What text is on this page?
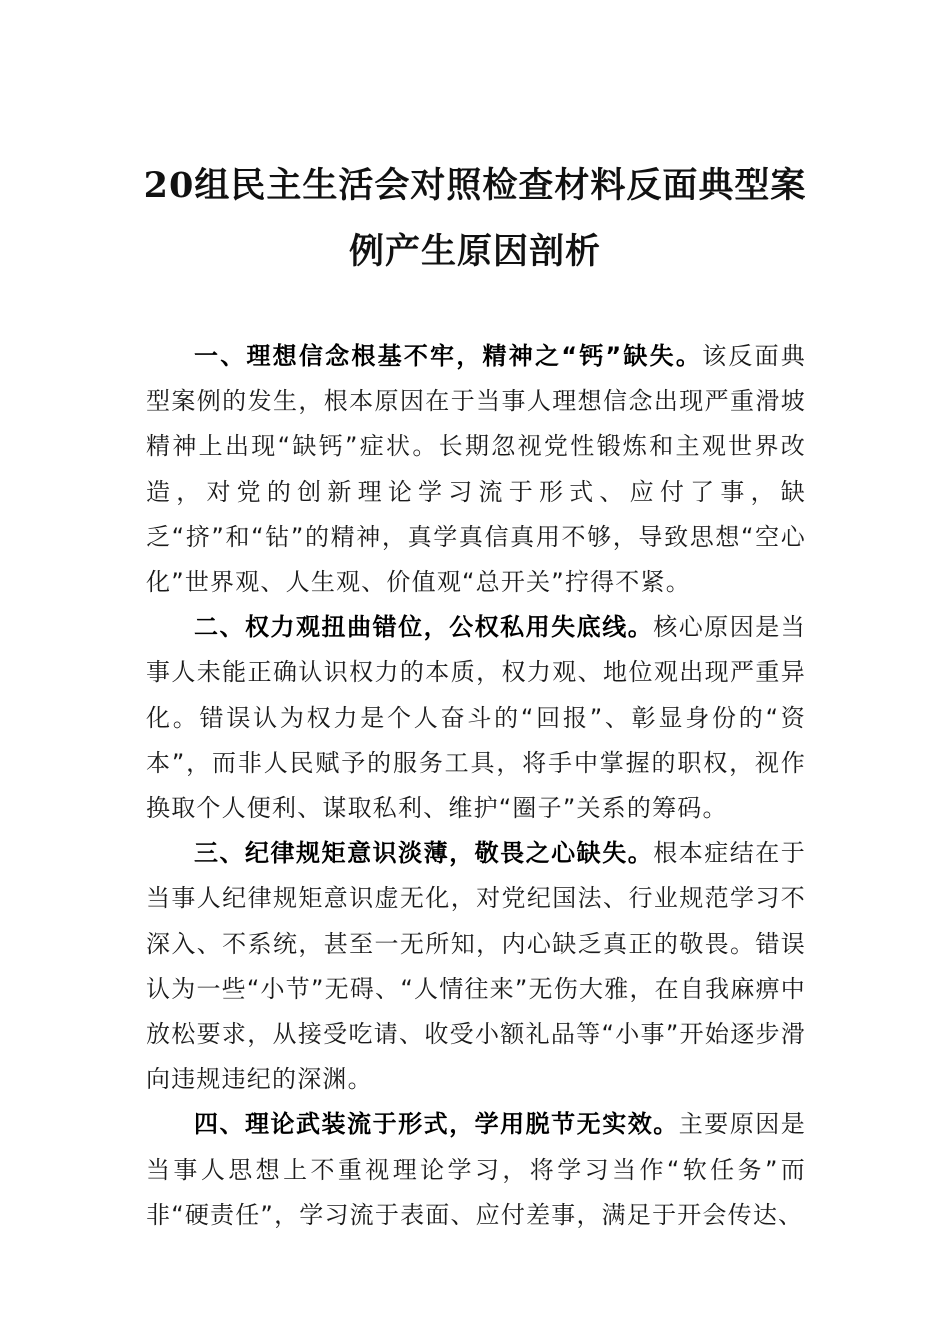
20组民主生活会对照检查材料反面典型案
例产生原因剖析

一、理想信念根基不牢，精神之“钙”缺失。该反面典型案例的发生，根本原因在于当事人理想信念出现严重滑坡精神上出现“缺钙”症状。长期忽视党性锻炼和主观世界改造，对党的创新理论学习流于形式、应付了事，缺乏“挤”和“钻”的精神，真学真信真用不够，导致思想“空心化”世界观、人生观、价值观“总开关”拧得不紧。

二、权力观扭曲错位，公权私用失底线。核心原因是当事人未能正确认识权力的本质，权力观、地位观出现严重异化。错误认为权力是个人奋斗的“回报”、彰显身份的“资本”，而非人民赋予的服务工具，将手中掌握的职权，视作换取个人便利、谋取私利、维护“圈子”关系的筹码。

三、纪律规矩意识淡薄，敬畏之心缺失。根本症结在于当事人纪律规矩意识虚无化，对党纪国法、行业规范学习不深入、不系统，甚至一无所知，内心缺乏真正的敬畏。错误认为一些“小节”无碍、“人情往来”无伤大雅，在自我麻痹中放松要求，从接受吃请、收受小额礼品等“小事”开始逐步滑向违规违纪的深渊。

四、理论武装流于形式，学用脱节无实效。主要原因是当事人思想上不重视理论学习，将学习当作“软任务”而非“硬责任”，学习流于表面、应付差事，满足于开会传达、
